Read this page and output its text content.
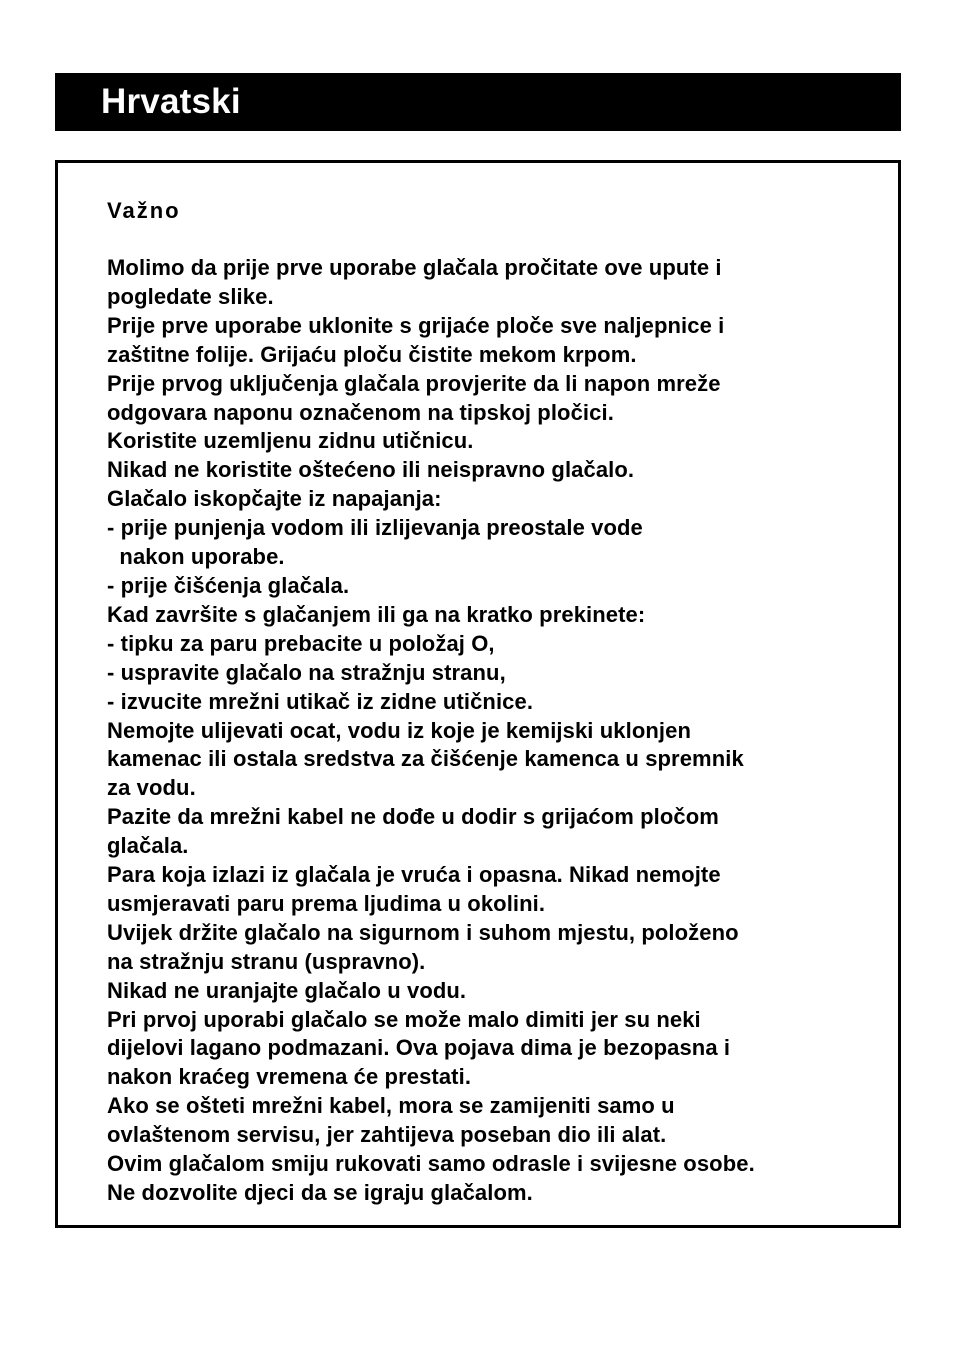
Hrvatski
Važno
Molimo da prije prve uporabe glačala pročitate ove upute i
pogledate slike.
Prije prve uporabe uklonite s grijaće ploče sve naljepnice i
zaštitne folije. Grijaću ploču čistite mekom krpom.
Prije prvog uključenja glačala provjerite da li napon mreže
odgovara naponu označenom na tipskoj pločici.
Koristite uzemljenu zidnu utičnicu.
Nikad ne koristite oštećeno ili neispravno glačalo.
Glačalo iskopčajte iz napajanja:
- prije punjenja vodom ili izlijevanja preostale vode
nakon uporabe.
- prije čišćenja glačala.
Kad završite s glačanjem ili ga na kratko prekinete:
- tipku za paru prebacite u položaj O,
- uspravite glačalo na stražnju stranu,
- izvucite mrežni utikač iz zidne utičnice.
Nemojte ulijevati ocat, vodu iz koje je kemijski uklonjen
kamenac ili ostala sredstva za čišćenje kamenca u spremnik
za vodu.
Pazite da mrežni kabel ne dođe u dodir s grijaćom pločom
glačala.
Para koja izlazi iz glačala je vruća i opasna. Nikad nemojte
usmjeravati paru prema ljudima u okolini.
Uvijek držite glačalo na sigurnom i suhom mjestu, položeno
na stražnju stranu (uspravno).
Nikad ne uranjajte glačalo u vodu.
Pri prvoj uporabi glačalo se može malo dimiti jer su neki
dijelovi lagano podmazani. Ova pojava dima je bezopasna i
nakon kraćeg vremena će prestati.
Ako se ošteti mrežni kabel, mora se zamijeniti samo u
ovlaštenom servisu, jer zahtijeva poseban dio ili alat.
Ovim glačalom smiju rukovati samo odrasle i svijesne osobe.
Ne dozvolite djeci da se igraju glačalom.
